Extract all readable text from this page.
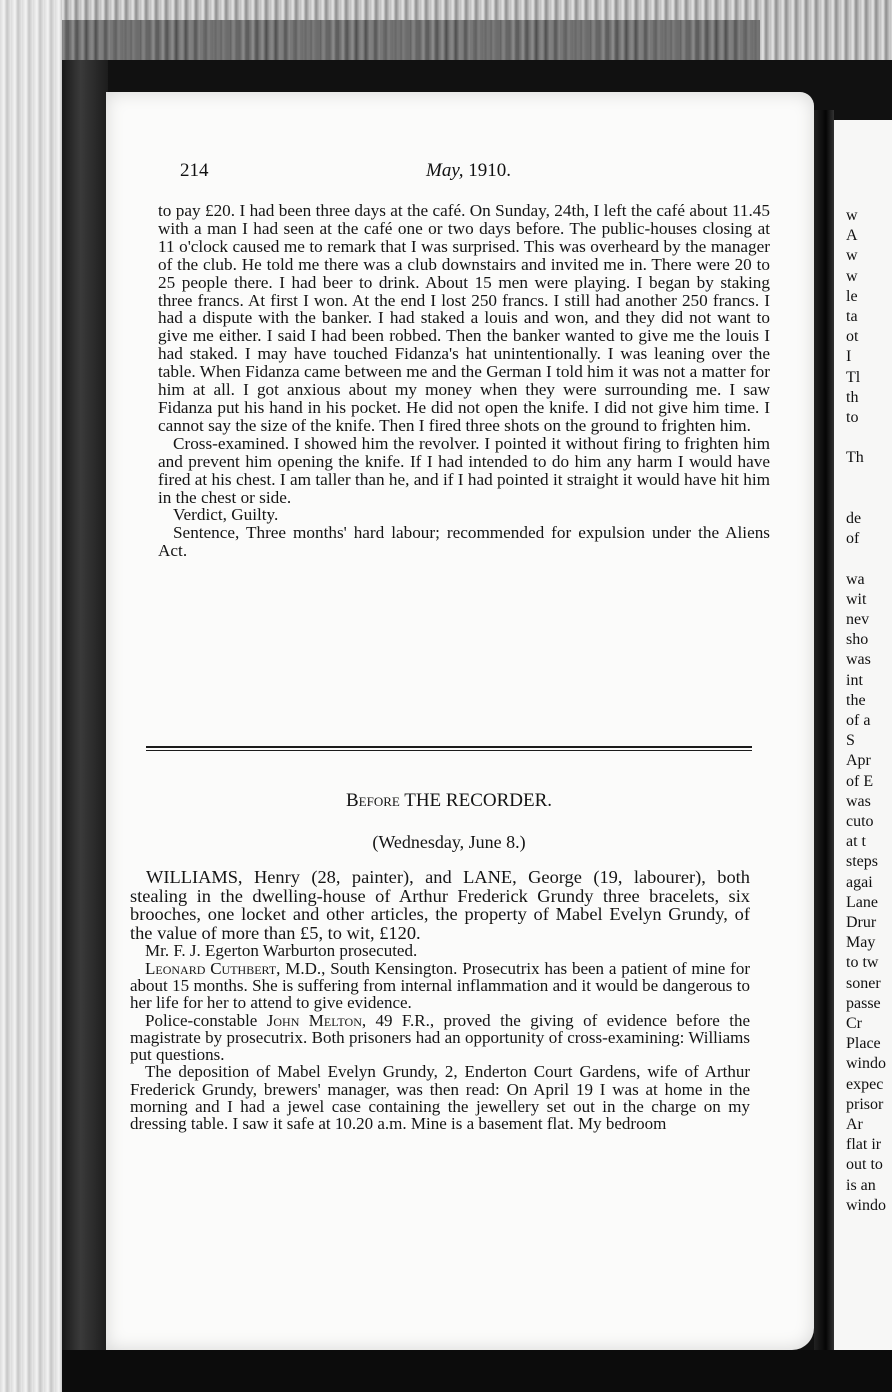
w
A
w
w
le
ta
ot
I
Tl
th
to
Th
de
of
wa
wit
nev
sho
was
int
the
of a
S
Apr
of E
was
cuto
at t
steps
agai
Lane
Drur
May
to tw
soner
passe
Cr
Place
windo
expec
prisor
Ar
flat ir
out to
is an
windo
214	May, 1910.

to pay £20. I had been three days at the café. On Sunday, 24th, I left the café about 11.45 with a man I had seen at the café one or two days before. The public-houses closing at 11 o'clock caused me to remark that I was surprised. This was overheard by the manager of the club. He told me there was a club downstairs and invited me in. There were 20 to 25 people there. I had beer to drink. About 15 men were playing. I began by staking three francs. At first I won. At the end I lost 250 francs. I still had another 250 francs. I had a dispute with the banker. I had staked a louis and won, and they did not want to give me either. I said I had been robbed. Then the banker wanted to give me the louis I had staked. I may have touched Fidanza's hat unintentionally. I was leaning over the table. When Fidanza came between me and the German I told him it was not a matter for him at all. I got anxious about my money when they were surrounding me. I saw Fidanza put his hand in his pocket. He did not open the knife. I did not give him time. I cannot say the size of the knife. Then I fired three shots on the ground to frighten him.

Cross-examined. I showed him the revolver. I pointed it without firing to frighten him and prevent him opening the knife. If I had intended to do him any harm I would have fired at his chest. I am taller than he, and if I had pointed it straight it would have hit him in the chest or side.

Verdict, Guilty.

Sentence, Three months' hard labour; recommended for expulsion under the Aliens Act.

Before THE RECORDER.
(Wednesday, June 8.)

WILLIAMS, Henry (28, painter), and LANE, George (19, labourer), both stealing in the dwelling-house of Arthur Frederick Grundy three bracelets, six brooches, one locket and other articles, the property of Mabel Evelyn Grundy, of the value of more than £5, to wit, £120.

Mr. F. J. Egerton Warburton prosecuted.

Leonard Cuthbert, M.D., South Kensington. Prosecutrix has been a patient of mine for about 15 months. She is suffering from internal inflammation and it would be dangerous to her life for her to attend to give evidence.

Police-constable John Melton, 49 F.R., proved the giving of evidence before the magistrate by prosecutrix. Both prisoners had an opportunity of cross-examining: Williams put questions.

The deposition of Mabel Evelyn Grundy, 2, Enderton Court Gardens, wife of Arthur Frederick Grundy, brewers' manager, was then read: On April 19 I was at home in the morning and I had a jewel case containing the jewellery set out in the charge on my dressing table. I saw it safe at 10.20 a.m. Mine is a basement flat. My bedroom
